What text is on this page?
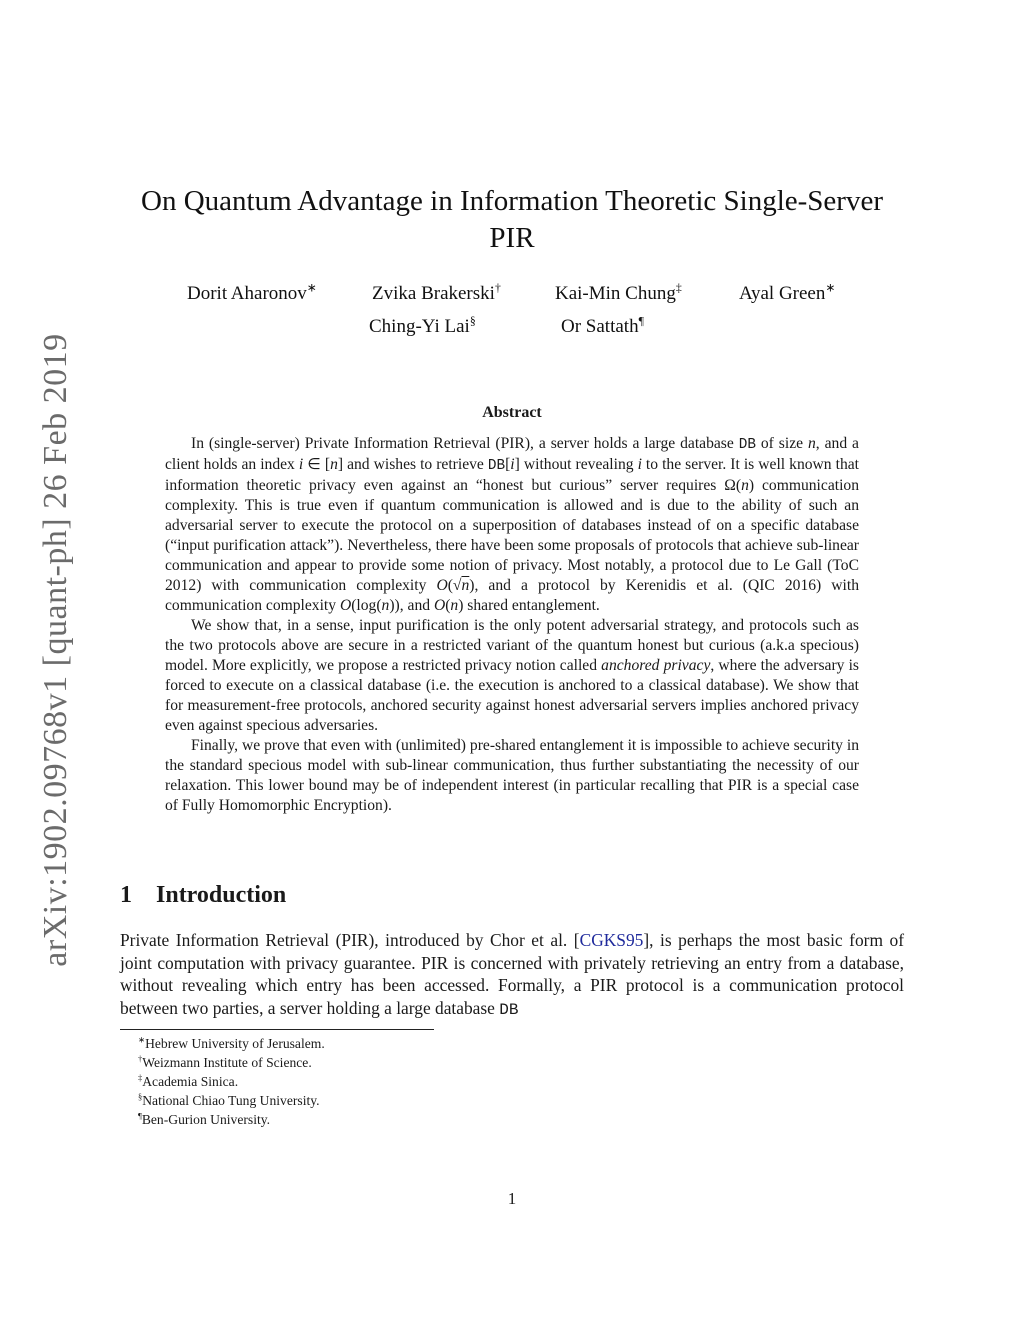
arXiv:1902.09768v1 [quant-ph] 26 Feb 2019
On Quantum Advantage in Information Theoretic Single-Server
PIR
Dorit Aharonov∗	Zvika Brakerski†	Kai-Min Chung‡	Ayal Green∗
Ching-Yi Lai§	Or Sattath¶
Abstract

In (single-server) Private Information Retrieval (PIR), a server holds a large database DB of size n, and a client holds an index i ∈ [n] and wishes to retrieve DB[i] without revealing i to the server. It is well known that information theoretic privacy even against an “honest but curious” server requires Ω(n) communication complexity. This is true even if quantum communication is allowed and is due to the ability of such an adversarial server to execute the protocol on a superposition of databases instead of on a specific database (“input purification attack”). Nevertheless, there have been some proposals of protocols that achieve sub-linear communication and appear to provide some notion of privacy. Most notably, a protocol due to Le Gall (ToC 2012) with communication complexity O(√n), and a protocol by Kerenidis et al. (QIC 2016) with communication complexity O(log(n)), and O(n) shared entanglement.

We show that, in a sense, input purification is the only potent adversarial strategy, and protocols such as the two protocols above are secure in a restricted variant of the quantum honest but curious (a.k.a specious) model. More explicitly, we propose a restricted privacy notion called anchored privacy, where the adversary is forced to execute on a classical database (i.e. the execution is anchored to a classical database). We show that for measurement-free protocols, anchored security against honest adversarial servers implies anchored privacy even against specious adversaries.

Finally, we prove that even with (unlimited) pre-shared entanglement it is impossible to achieve security in the standard specious model with sub-linear communication, thus further substantiating the necessity of our relaxation. This lower bound may be of independent interest (in particular recalling that PIR is a special case of Fully Homomorphic Encryption).

1 Introduction

Private Information Retrieval (PIR), introduced by Chor et al. [CGKS95], is perhaps the most basic form of joint computation with privacy guarantee. PIR is concerned with privately retrieving an entry from a database, without revealing which entry has been accessed. Formally, a PIR protocol is a communication protocol between two parties, a server holding a large database DB

∗Hebrew University of Jerusalem.
†Weizmann Institute of Science.
‡Academia Sinica.
§National Chiao Tung University.
¶Ben-Gurion University.
1
